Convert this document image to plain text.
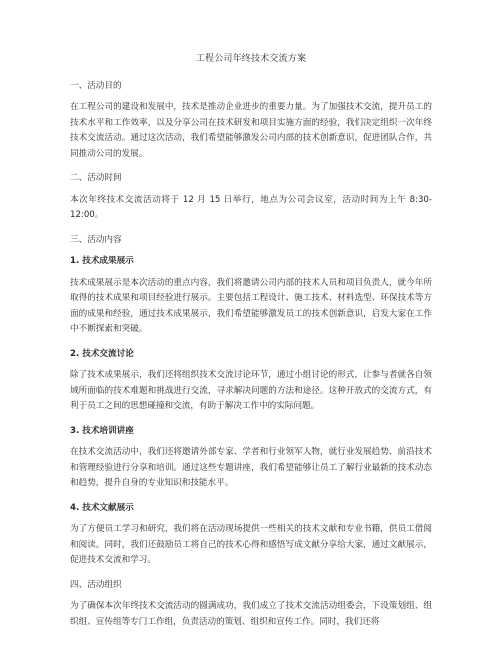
工程公司年终技术交流方案
一、活动目的
在工程公司的建设和发展中，技术是推动企业进步的重要力量。为了加强技术交流，提升员工的技术水平和工作效率，以及分享公司在技术研发和项目实施方面的经验，我们决定组织一次年终技术交流活动。通过这次活动，我们希望能够激发公司内部的技术创新意识，促进团队合作，共同推动公司的发展。
二、活动时间
本次年终技术交流活动将于 12 月 15 日举行，地点为公司会议室，活动时间为上午 8:30-12:00。
三、活动内容
1. 技术成果展示
技术成果展示是本次活动的重点内容，我们将邀请公司内部的技术人员和项目负责人，就今年所取得的技术成果和项目经验进行展示。主要包括工程设计、施工技术、材料选型、环保技术等方面的成果和经验，通过技术成果展示，我们希望能够激发员工的技术创新意识，启发大家在工作中不断探索和突破。
2. 技术交流讨论
除了技术成果展示，我们还将组织技术交流讨论环节，通过小组讨论的形式，让参与者就各自领域所面临的技术难题和挑战进行交流，寻求解决问题的方法和途径。这种开放式的交流方式，有利于员工之间的思想碰撞和交流，有助于解决工作中的实际问题。
3. 技术培训讲座
在技术交流活动中，我们还将邀请外部专家、学者和行业领军人物，就行业发展趋势、前沿技术和管理经验进行分享和培训。通过这些专题讲座，我们希望能够让员工了解行业最新的技术动态和趋势，提升自身的专业知识和技能水平。
4. 技术文献展示
为了方便员工学习和研究，我们将在活动现场提供一些相关的技术文献和专业书籍，供员工借阅和阅读。同时，我们还鼓励员工将自己的技术心得和感悟写成文献分享给大家，通过文献展示，促进技术交流和学习。
四、活动组织
为了确保本次年终技术交流活动的圆满成功，我们成立了技术交流活动组委会，下设策划组、组织组、宣传组等专门工作组，负责活动的策划、组织和宣传工作。同时，我们还将
